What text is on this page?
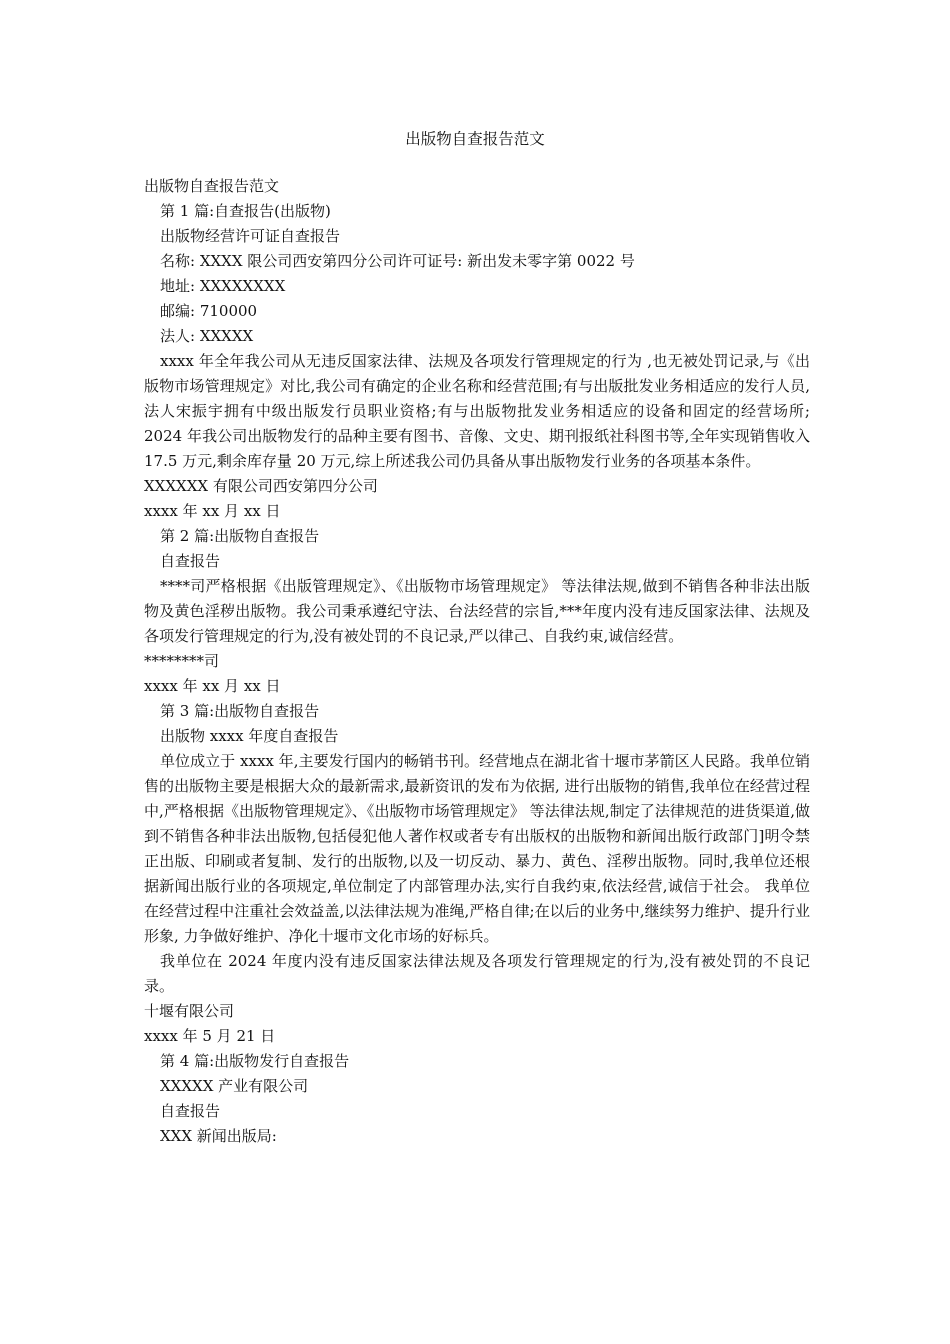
出版物自查报告范文

出版物自查报告范文

第 1 篇:自查报告(出版物)

出版物经营许可证自查报告

名称: XXXX 限公司西安第四分公司许可证号: 新出发未零字第 0022 号

地址: XXXXXXXX

邮编: 710000

法人: XXXXX

xxxx 年全年我公司从无违反国家法律、法规及各项发行管理规定的行为 ,也无被处罚记录,与《出版物市场管理规定》对比,我公司有确定的企业名称和经营范围;有与出版批发业务相适应的发行人员,法人宋振宇拥有中级出版发行员职业资格;有与出版物批发业务相适应的设备和固定的经营场所; 2024 年我公司出版物发行的品种主要有图书、音像、文史、期刊报纸社科图书等,全年实现销售收入 17.5 万元,剩余库存量 20 万元,综上所述我公司仍具备从事出版物发行业务的各项基本条件。

XXXXXX 有限公司西安第四分公司

xxxx 年 xx 月 xx 日

第 2 篇:出版物自查报告

自查报告

****司严格根据《出版管理规定》、《出版物市场管理规定》 等法律法规,做到不销售各种非法出版物及黄色淫秽出版物。我公司秉承遵纪守法、台法经营的宗旨,***年度内没有违反国家法律、法规及各项发行管理规定的行为,没有被处罚的不良记录,严以律己、自我约束,诚信经营。

********司

xxxx 年 xx 月 xx 日

第 3 篇:出版物自查报告

出版物 xxxx 年度自查报告

单位成立于 xxxx 年,主要发行国内的畅销书刊。经营地点在湖北省十堰市茅箭区人民路。我单位销售的出版物主要是根据大众的最新需求,最新资讯的发布为依据, 进行出版物的销售,我单位在经营过程中,严格根据《出版物管理规定》、《出版物市场管理规定》 等法律法规,制定了法律规范的进货渠道,做到不销售各种非法出版物,包括侵犯他人著作权或者专有出版权的出版物和新闻出版行政部门]明令禁正出版、印刷或者复制、发行的出版物,以及一切反动、暴力、黄色、淫秽出版物。同时,我单位还根据新闻出版行业的各项规定,单位制定了内部管理办法,实行自我约束,依法经营,诚信于社会。 我单位在经营过程中注重社会效益盖,以法律法规为准绳,严格自律;在以后的业务中,继续努力维护、提升行业形象, 力争做好维护、净化十堰市文化市场的好标兵。

我单位在 2024 年度内没有违反国家法律法规及各项发行管理规定的行为,没有被处罚的不良记录。

十堰有限公司

xxxx 年 5 月 21 日

第 4 篇:出版物发行自查报告

XXXXX 产业有限公司

自查报告

XXX 新闻出版局:
